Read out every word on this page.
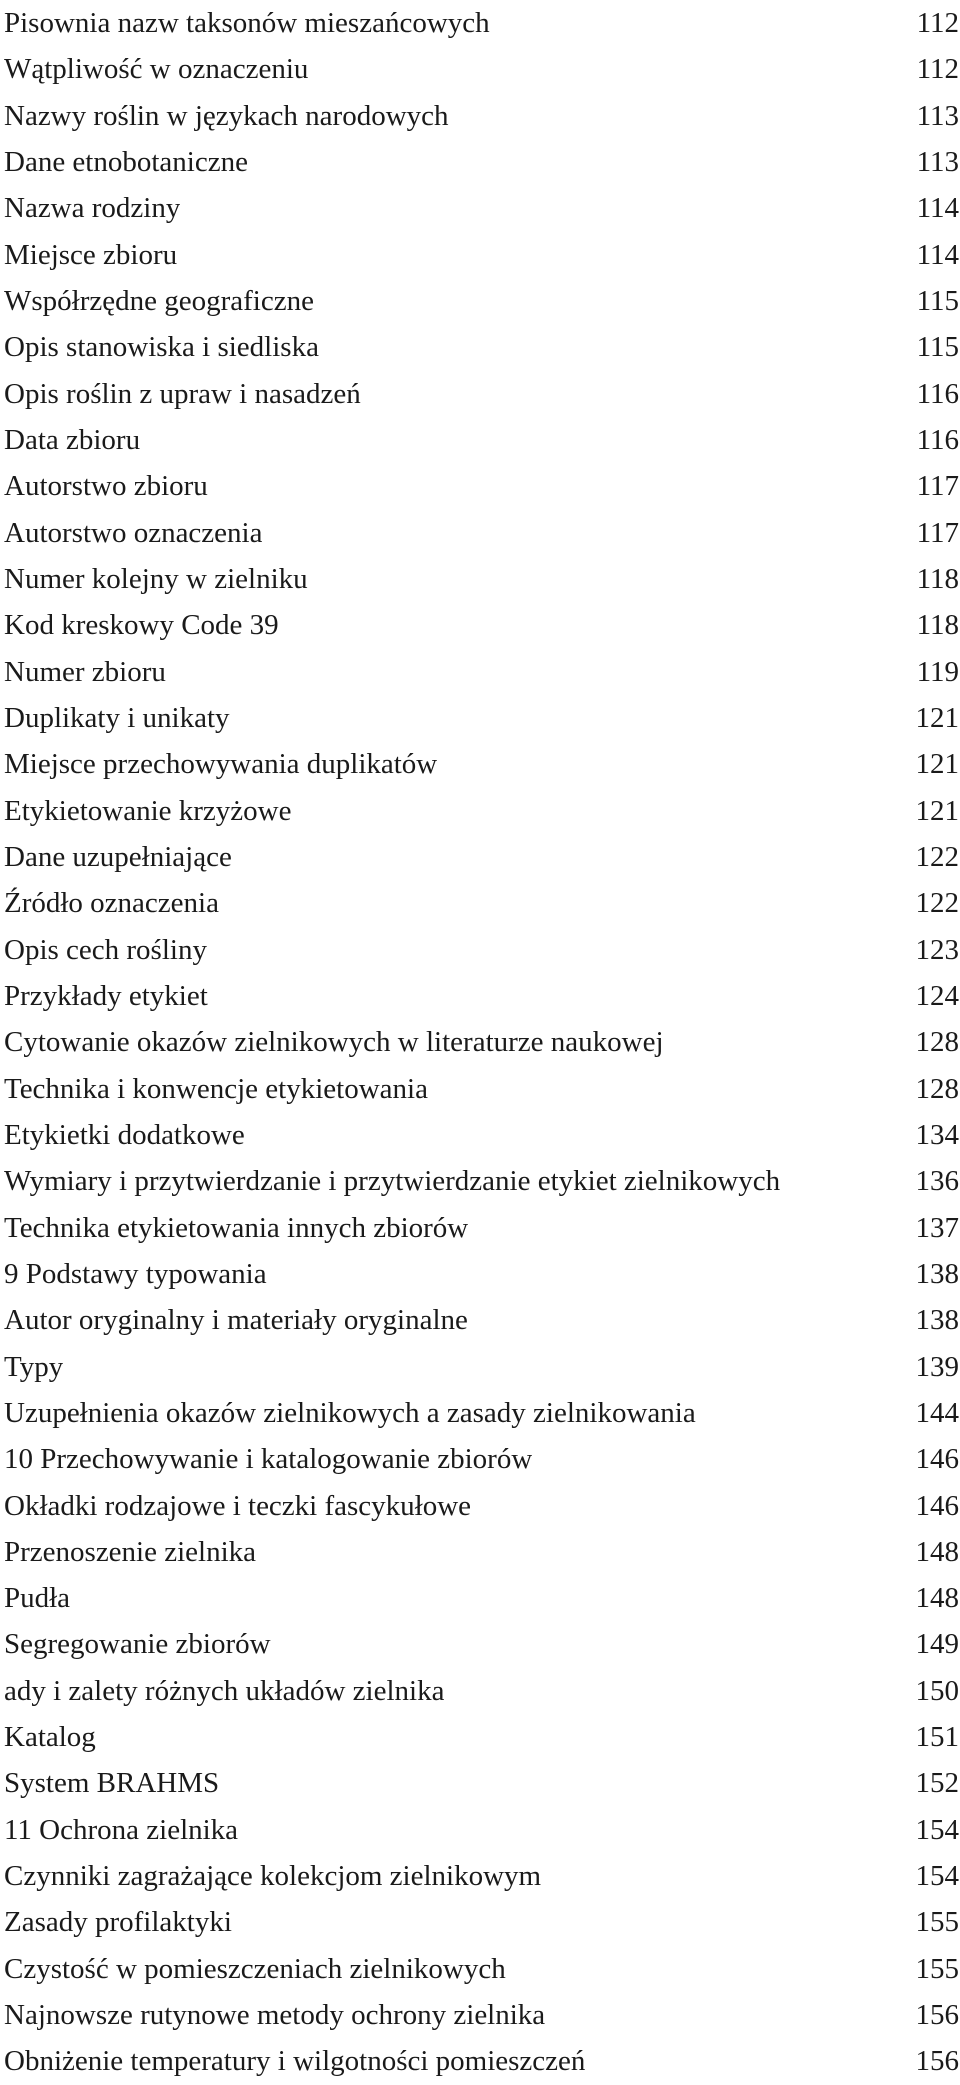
Pisownia nazw taksonów mieszańcowych	112
Wątpliwość w oznaczeniu	112
Nazwy roślin w językach narodowych	113
Dane etnobotaniczne	113
Nazwa rodziny	114
Miejsce zbioru	114
Współrzędne geograficzne	115
Opis stanowiska i siedliska	115
Opis roślin z upraw i nasadzeń	116
Data zbioru	116
Autorstwo zbioru	117
Autorstwo oznaczenia	117
Numer kolejny w zielniku	118
Kod kreskowy Code 39	118
Numer zbioru	119
Duplikaty i unikaty	121
Miejsce przechowywania duplikatów	121
Etykietowanie krzyżowe	121
Dane uzupełniające	122
Źródło oznaczenia	122
Opis cech rośliny	123
Przykłady etykiet	124
Cytowanie okazów zielnikowych w literaturze naukowej	128
Technika i konwencje etykietowania	128
Etykietki dodatkowe	134
Wymiary i przytwierdzanie i przytwierdzanie etykiet zielnikowych	136
Technika etykietowania innych zbiorów	137
9 Podstawy typowania	138
Autor oryginalny i materiały oryginalne	138
Typy	139
Uzupełnienia okazów zielnikowych a zasady zielnikowania	144
10 Przechowywanie i katalogowanie zbiorów	146
Okładki rodzajowe i teczki fascykułowe	146
Przenoszenie zielnika	148
Pudła	148
Segregowanie zbiorów	149
ady i zalety różnych układów zielnika	150
Katalog	151
System BRAHMS	152
11 Ochrona zielnika	154
Czynniki zagrażające kolekcjom zielnikowym	154
Zasady profilaktyki	155
Czystość w pomieszczeniach zielnikowych	155
Najnowsze rutynowe metody ochrony zielnika	156
Obniżenie temperatury i wilgotności pomieszczeń	156
